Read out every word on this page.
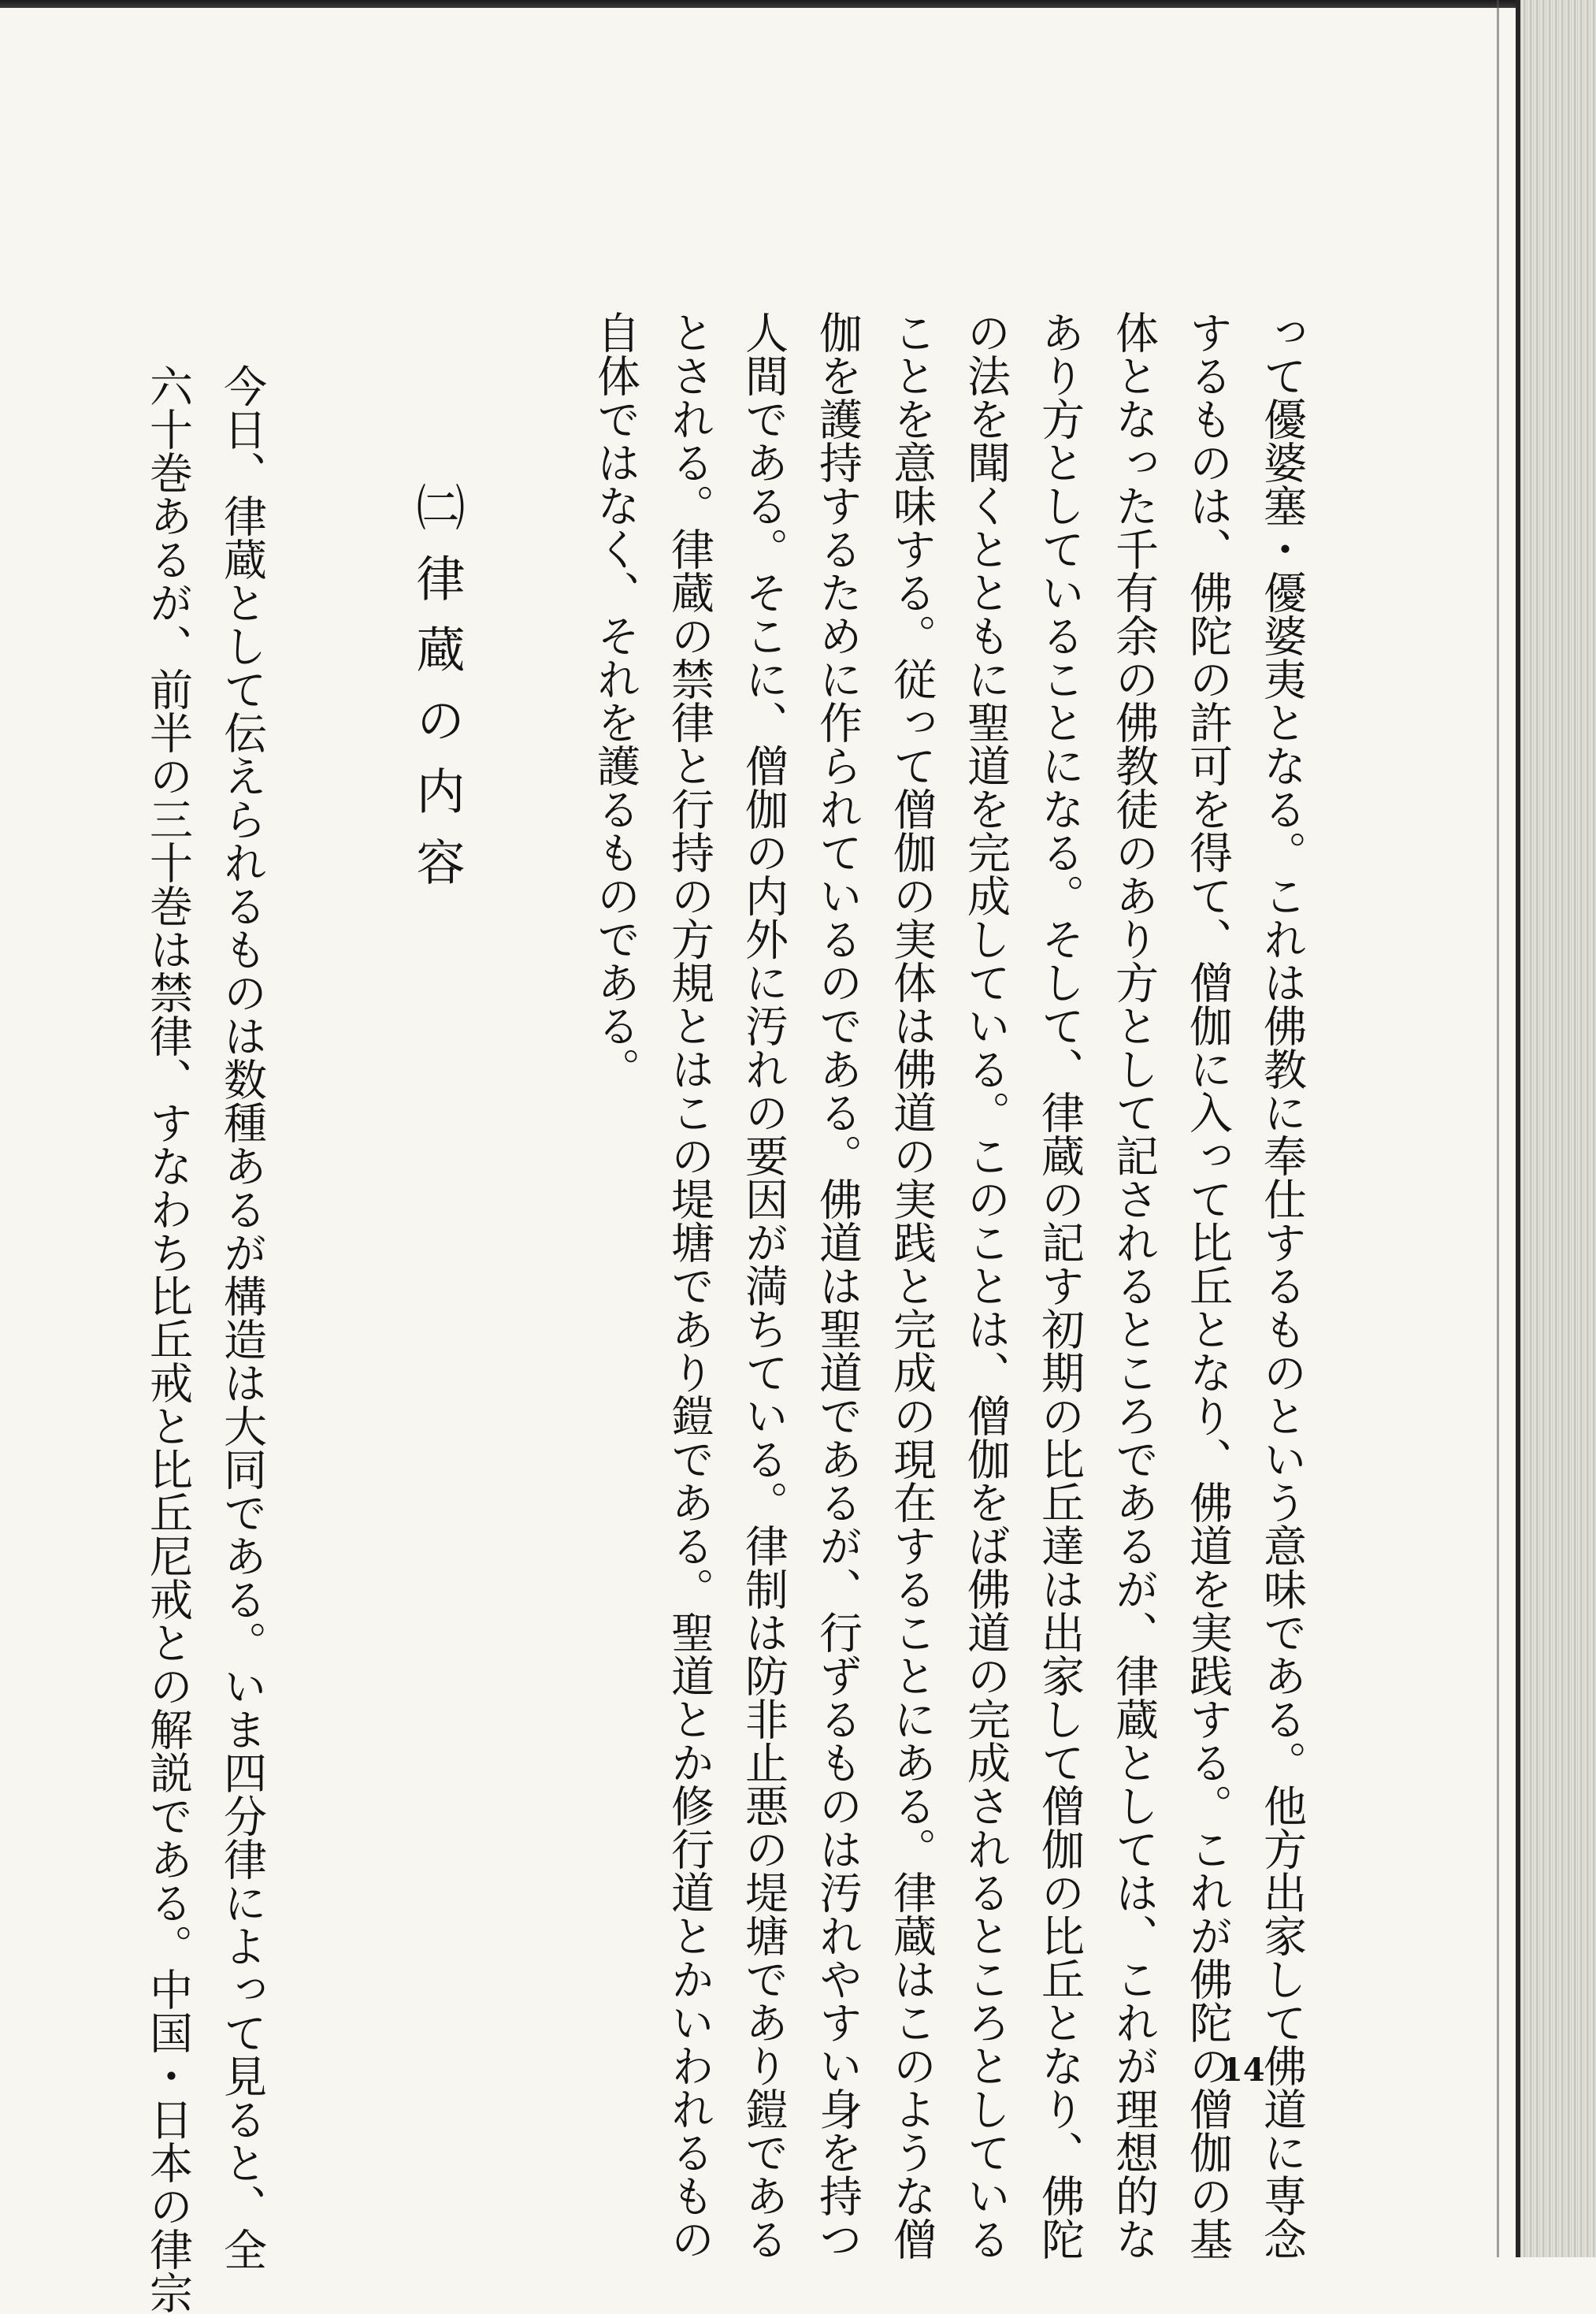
って優婆塞・優婆夷となる。これは佛教に奉仕するものという意味である。他方出家して佛道に専念
するものは、佛陀の許可を得て、僧伽に入って比丘となり、佛道を実践する。これが佛陀の僧伽の基
体となった千有余の佛教徒のあり方として記されるところであるが、律蔵としては、これが理想的な
あり方としていることになる。そして、律蔵の記す初期の比丘達は出家して僧伽の比丘となり、佛陀
の法を聞くとともに聖道を完成している。このことは、僧伽をば佛道の完成されるところとしている
ことを意味する。従って僧伽の実体は佛道の実践と完成の現在することにある。律蔵はこのような僧
伽を護持するために作られているのである。佛道は聖道であるが、行ずるものは汚れやすい身を持つ
人間である。そこに、僧伽の内外に汚れの要因が満ちている。律制は防非止悪の堤塘であり鎧である
とされる。律蔵の禁律と行持の方規とはこの堤塘であり鎧である。聖道とか修行道とかいわれるもの
自体ではなく、それを護るものである。
㈡律蔵の内容
今日、律蔵として伝えられるものは数種あるが構造は大同である。いま四分律によって見ると、全
六十巻あるが、前半の三十巻は禁律、すなわち比丘戒と比丘尼戒との解説である。中国・日本の律宗	14
